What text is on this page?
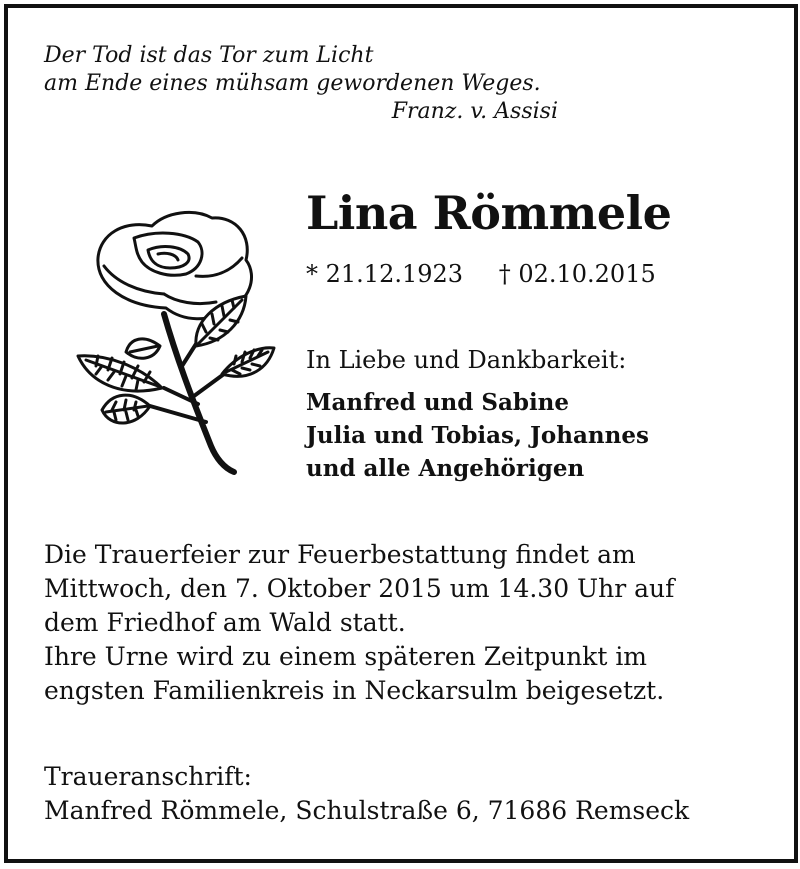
Der Tod ist das Tor zum Licht
am Ende eines mühsam gewordenen Weges.
Franz. v. Assisi
Lina Römmele
* 21.12.1923 † 02.10.2015
In Liebe und Dankbarkeit:
Manfred und Sabine
Julia und Tobias, Johannes
und alle Angehörigen
Die Trauerfeier zur Feuerbestattung findet am
Mittwoch, den 7. Oktober 2015 um 14.30 Uhr auf
dem Friedhof am Wald statt.
Ihre Urne wird zu einem späteren Zeitpunkt im
engsten Familienkreis in Neckarsulm beigesetzt.
Traueranschrift:
Manfred Römmele, Schulstraße 6, 71686 Remseck
